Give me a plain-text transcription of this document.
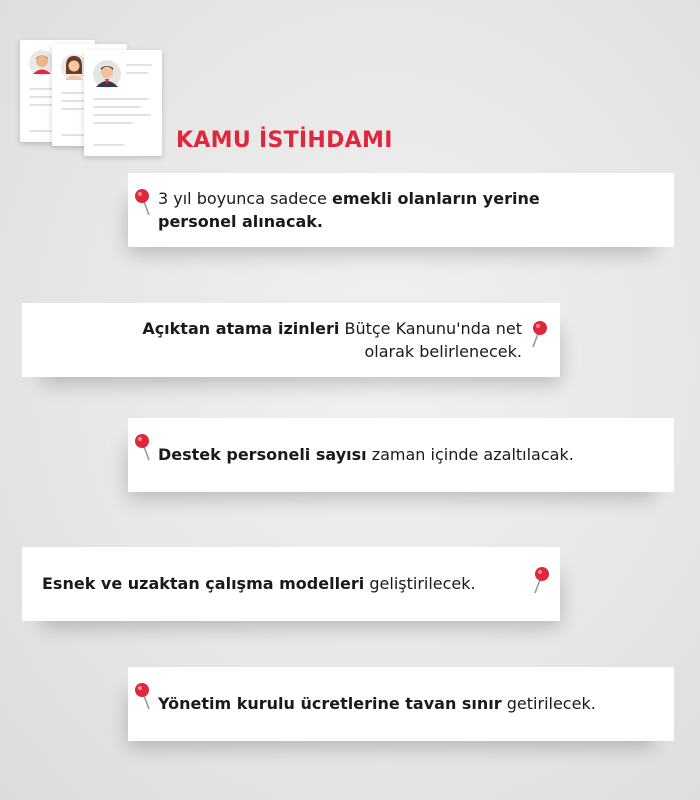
KAMU İSTİHDAMI
3 yıl boyunca sadece emekli olanların yerine personel alınacak.
Açıktan atama izinleri Bütçe Kanunu'nda net olarak belirlenecek.
Destek personeli sayısı zaman içinde azaltılacak.
Esnek ve uzaktan çalışma modelleri geliştirilecek.
Yönetim kurulu ücretlerine tavan sınır getirilecek.
